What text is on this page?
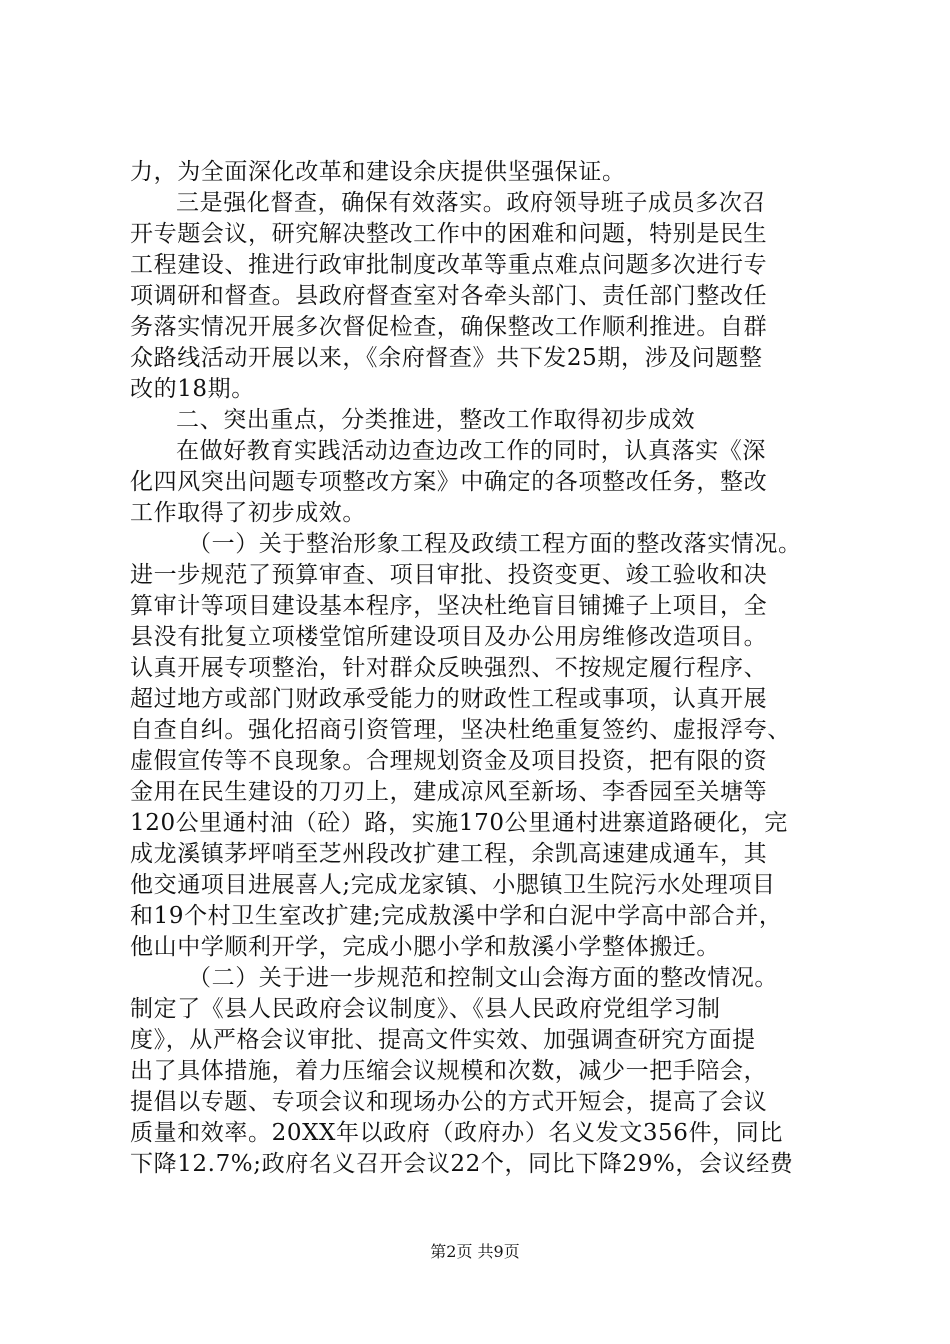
力，为全面深化改革和建设余庆提供坚强保证。
三是强化督查，确保有效落实。政府领导班子成员多次召
开专题会议，研究解决整改工作中的困难和问题，特别是民生
工程建设、推进行政审批制度改革等重点难点问题多次进行专
项调研和督查。县政府督查室对各牵头部门、责任部门整改任
务落实情况开展多次督促检查，确保整改工作顺利推进。自群
众路线活动开展以来，《余府督查》共下发25期，涉及问题整
改的18期。
二、突出重点，分类推进，整改工作取得初步成效
在做好教育实践活动边查边改工作的同时，认真落实《深
化四风突出问题专项整改方案》中确定的各项整改任务，整改
工作取得了初步成效。
（一）关于整治形象工程及政绩工程方面的整改落实情况。
进一步规范了预算审查、项目审批、投资变更、竣工验收和决
算审计等项目建设基本程序，坚决杜绝盲目铺摊子上项目，全
县没有批复立项楼堂馆所建设项目及办公用房维修改造项目。
认真开展专项整治，针对群众反映强烈、不按规定履行程序、
超过地方或部门财政承受能力的财政性工程或事项，认真开展
自查自纠。强化招商引资管理，坚决杜绝重复签约、虚报浮夸、
虚假宣传等不良现象。合理规划资金及项目投资，把有限的资
金用在民生建设的刀刃上，建成凉风至新场、李香园至关塘等
120公里通村油（砼）路，实施170公里通村进寨道路硬化，完
成龙溪镇茅坪哨至芝州段改扩建工程，余凯高速建成通车，其
他交通项目进展喜人;完成龙家镇、小腮镇卫生院污水处理项目
和19个村卫生室改扩建;完成敖溪中学和白泥中学高中部合并，
他山中学顺利开学，完成小腮小学和敖溪小学整体搬迁。
（二）关于进一步规范和控制文山会海方面的整改情况。
制定了《县人民政府会议制度》、《县人民政府党组学习制
度》，从严格会议审批、提高文件实效、加强调查研究方面提
出了具体措施，着力压缩会议规模和次数，减少一把手陪会，
提倡以专题、专项会议和现场办公的方式开短会，提高了会议
质量和效率。20XX年以政府（政府办）名义发文356件，同比
下降12.7%;政府名义召开会议22个，同比下降29%，会议经费
第2页 共9页
